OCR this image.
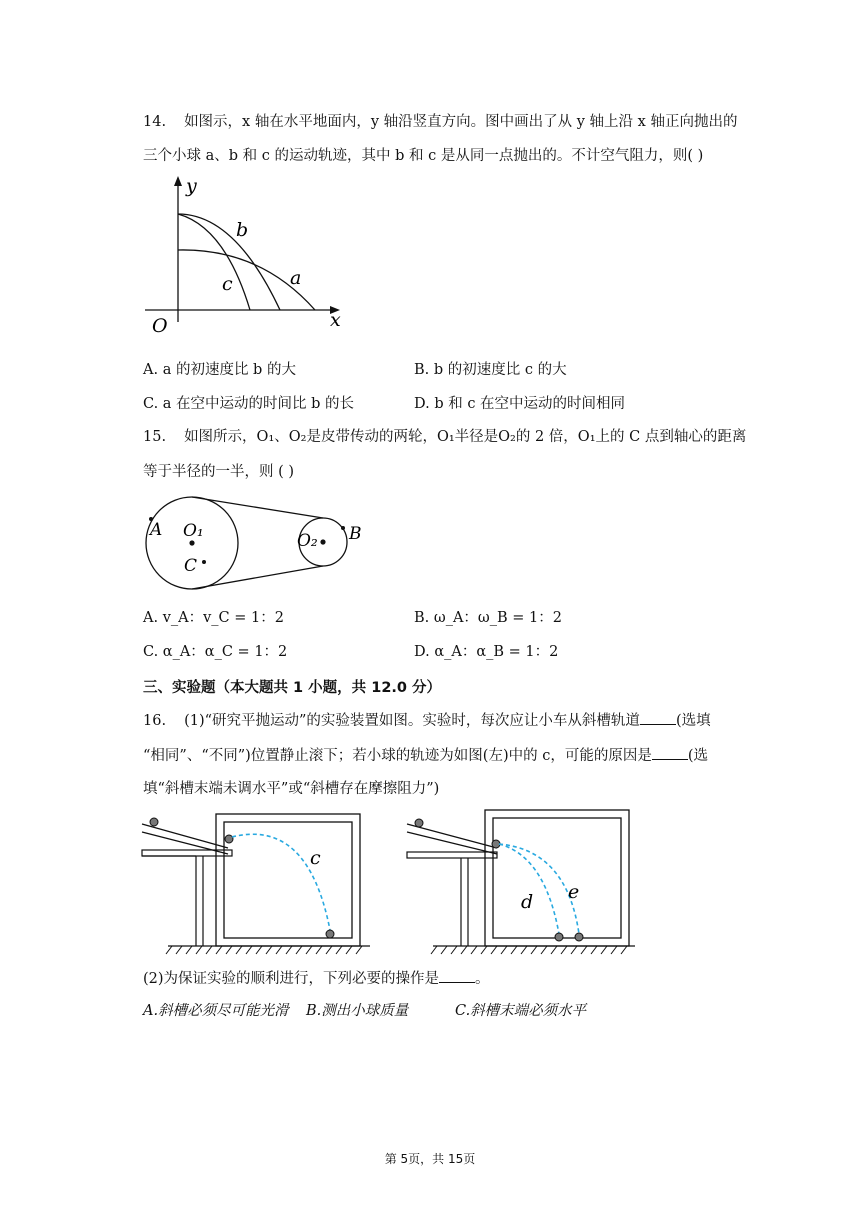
14. 如图示，x 轴在水平地面内，y 轴沿竖直方向。图中画出了从 y 轴上沿 x 轴正向抛出的
三个小球 a、b 和 c 的运动轨迹，其中 b 和 c 是从同一点抛出的。不计空气阻力，则( )
y
x
O
b
c	a
A. a 的初速度比 b 的大	B. b 的初速度比 c 的大
C. a 在空中运动的时间比 b 的长	D. b 和 c 在空中运动的时间相同
15. 如图所示，O₁、O₂是皮带传动的两轮，O₁半径是O₂的 2 倍，O₁上的 C 点到轴心的距离
等于半径的一半，则 ( )
A O₁
C
O₂ B
A. v_A：v_C = 1：2	B. ω_A：ω_B = 1：2
C. α_A：α_C = 1：2	D. α_A：α_B = 1：2
三、实验题（本大题共 1 小题，共 12.0 分）
16. (1)“研究平抛运动”的实验装置如图。实验时，每次应让小车从斜槽轨道 (选填
“相同”、“不同”)位置静止滚下；若小球的轨迹为如图(左)中的 c，可能的原因是 (选
填“斜槽末端未调水平”或“斜槽存在摩擦阻力”)
c
d e
(2)为保证实验的顺利进行，下列必要的操作是 。
A.斜槽必须尽可能光滑 B.测出小球质量	C.斜槽末端必须水平
第 5页，共 15页
